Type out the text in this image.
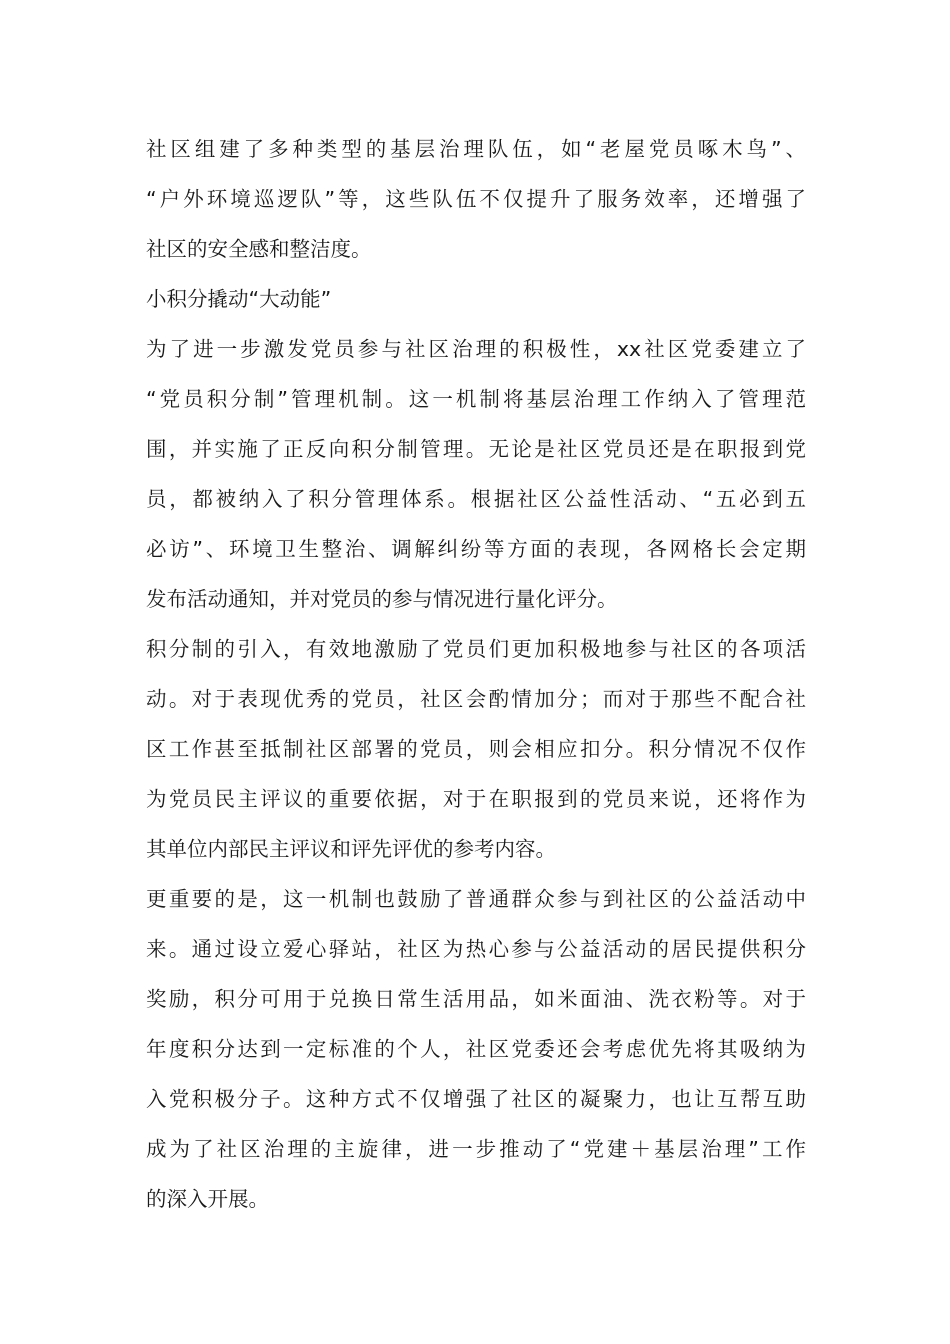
社区组建了多种类型的基层治理队伍，如“老屋党员啄木鸟”、
“户外环境巡逻队”等，这些队伍不仅提升了服务效率，还增强了
社区的安全感和整洁度。
小积分撬动“大动能”
为了进一步激发党员参与社区治理的积极性，xx社区党委建立了
“党员积分制”管理机制。这一机制将基层治理工作纳入了管理范
围，并实施了正反向积分制管理。无论是社区党员还是在职报到党
员，都被纳入了积分管理体系。根据社区公益性活动、“五必到五
必访”、环境卫生整治、调解纠纷等方面的表现，各网格长会定期
发布活动通知，并对党员的参与情况进行量化评分。
积分制的引入，有效地激励了党员们更加积极地参与社区的各项活
动。对于表现优秀的党员，社区会酌情加分；而对于那些不配合社
区工作甚至抵制社区部署的党员，则会相应扣分。积分情况不仅作
为党员民主评议的重要依据，对于在职报到的党员来说，还将作为
其单位内部民主评议和评先评优的参考内容。
更重要的是，这一机制也鼓励了普通群众参与到社区的公益活动中
来。通过设立爱心驿站，社区为热心参与公益活动的居民提供积分
奖励，积分可用于兑换日常生活用品，如米面油、洗衣粉等。对于
年度积分达到一定标准的个人，社区党委还会考虑优先将其吸纳为
入党积极分子。这种方式不仅增强了社区的凝聚力，也让互帮互助
成为了社区治理的主旋律，进一步推动了“党建＋基层治理”工作
的深入开展。
